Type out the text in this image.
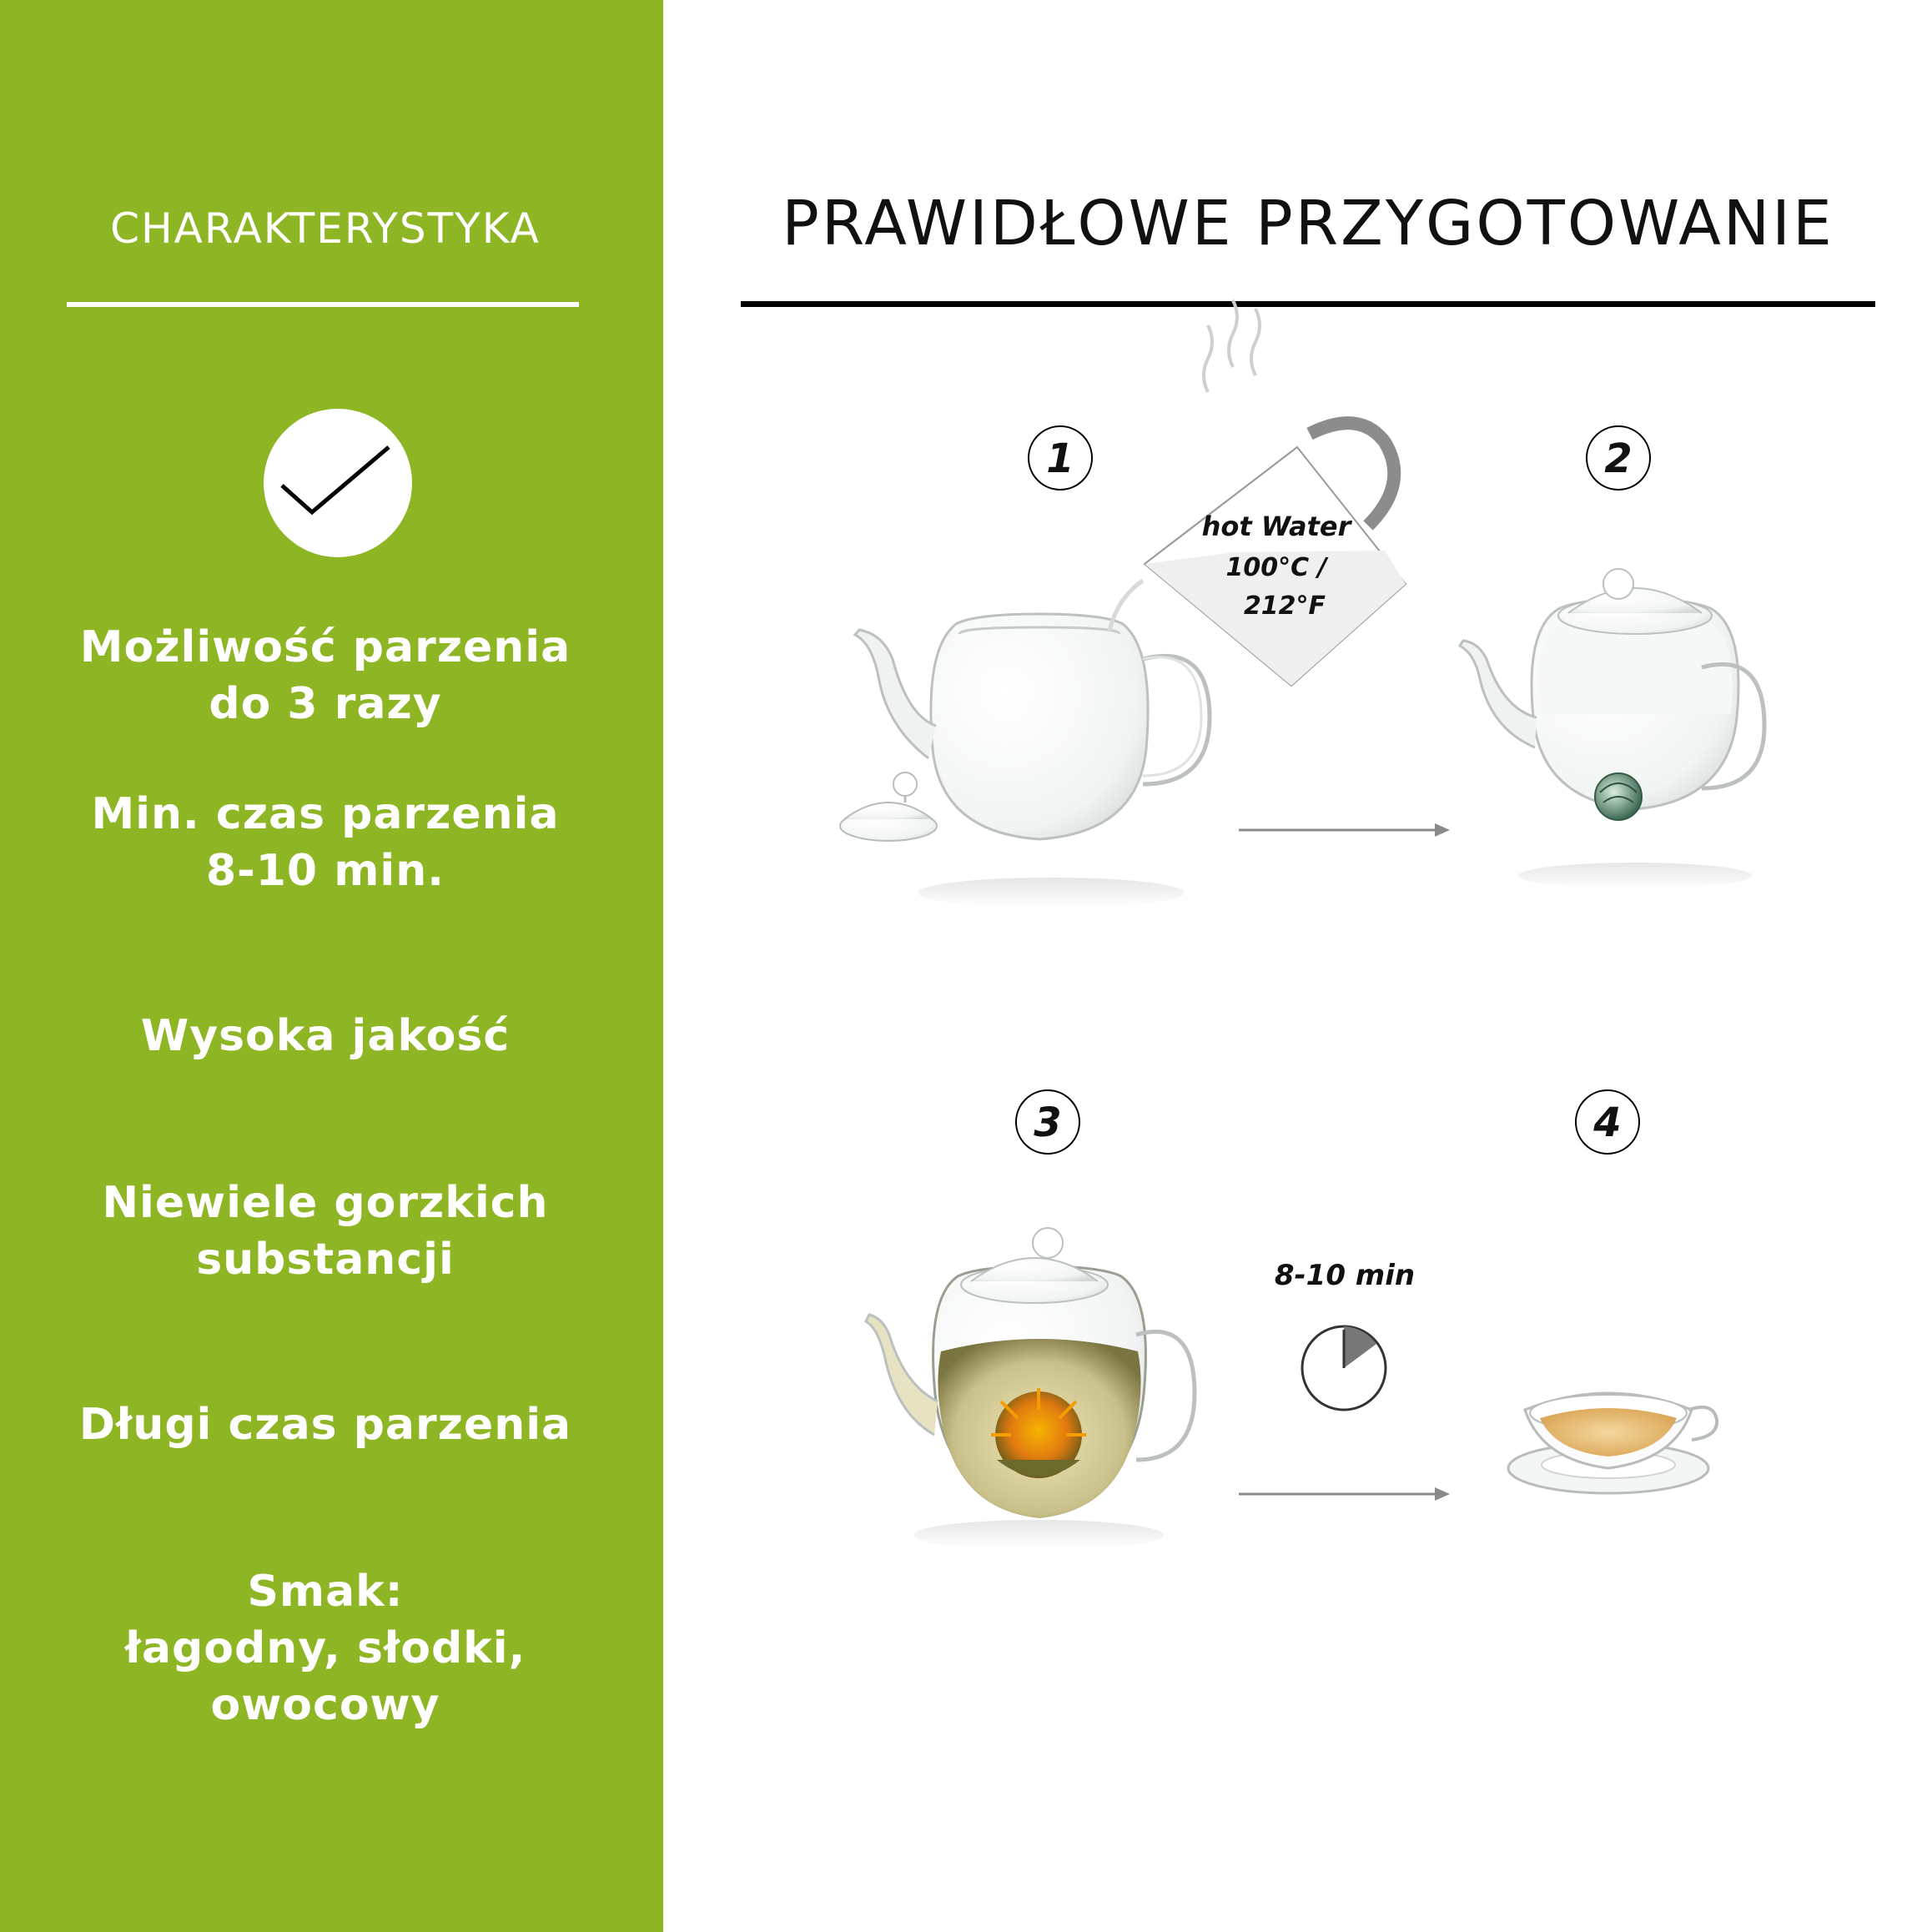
CHARAKTERYSTYKA
Możliwość parzenia
do 3 razy
Min. czas parzenia
8-10 min.
Wysoka jakość
Niewiele gorzkich
substancji
Długi czas parzenia
Smak:
łagodny, słodki,
owocowy
PRAWIDŁOWE PRZYGOTOWANIE
1
hot Water
100°C /
212°F
2
3
8-10 min
4
